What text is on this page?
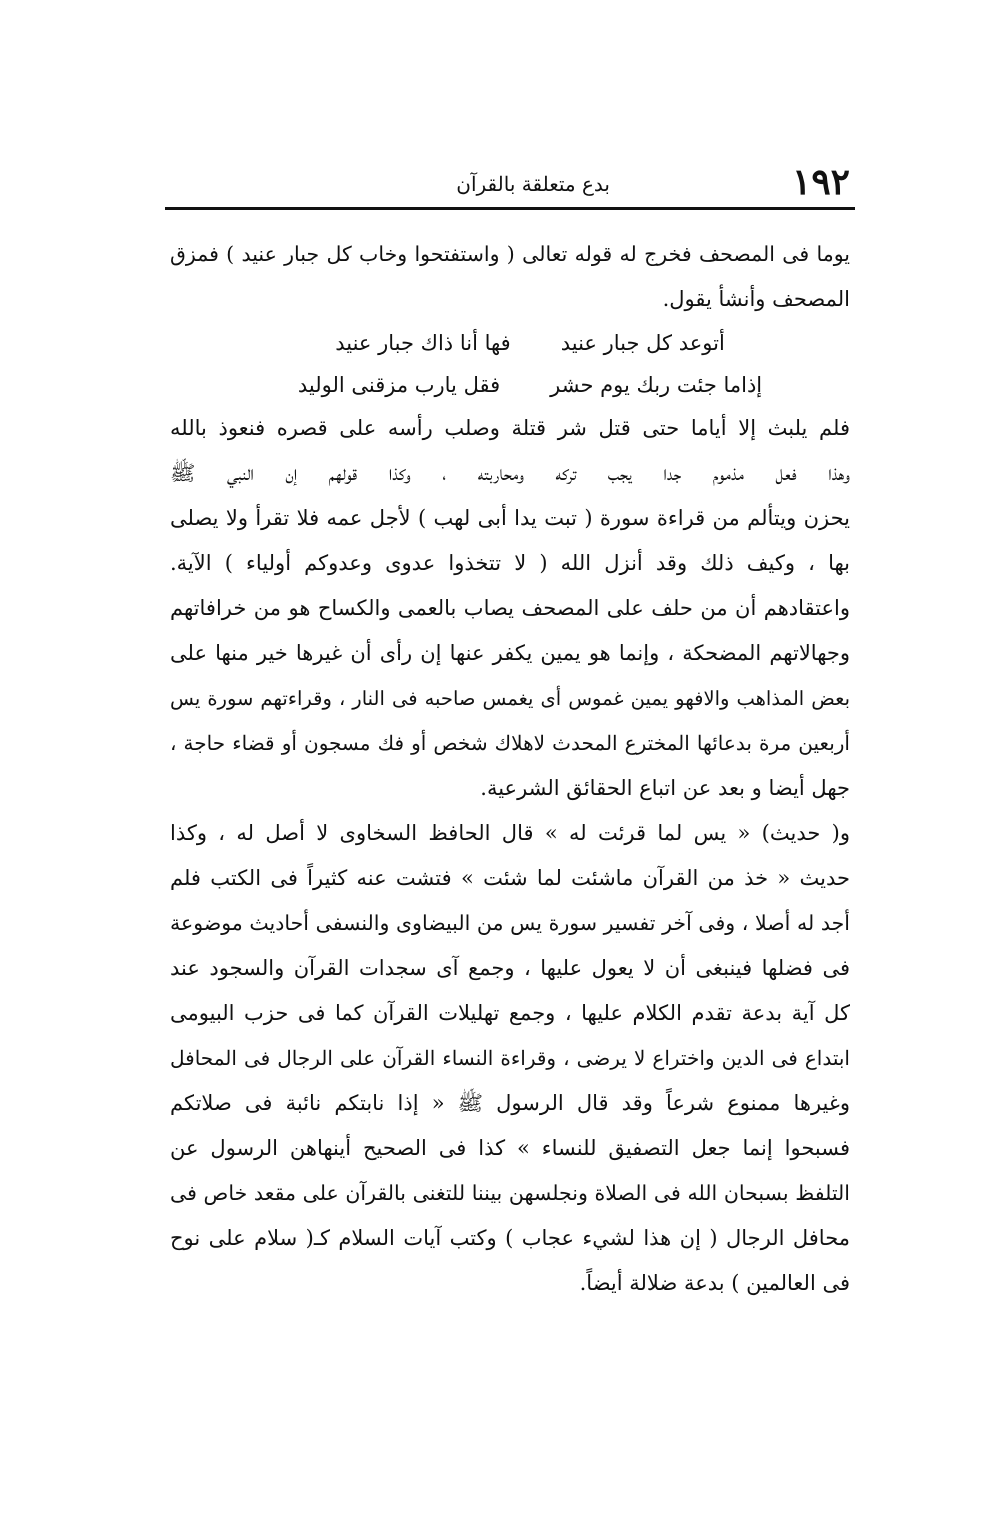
١٩٢
بدع متعلقة بالقرآن
يوما فى المصحف فخرج له قوله تعالى ( واستفتحوا وخاب كل جبار عنيد ) فمزق
المصحف وأنشأ يقول.
أتوعد كل جبار عنيد
فها أنا ذاك جبار عنيد
إذاما جئت ربك يوم حشر
فقل يارب مزقنى الوليد
فلم يلبث إلا أياما حتى قتل شر قتلة وصلب رأسه على قصره فنعوذ بالله
وهذا فعل مذموم جدا يجب تركه ومحاربته ، وكذا قولهم إن النبي ﷺ
يحزن ويتألم من قراءة سورة ( تبت يدا أبى لهب ) لأجل عمه فلا تقرأ ولا يصلى
بها ، وكيف ذلك وقد أنزل الله ( لا تتخذوا عدوى وعدوكم أولياء ) الآية.
واعتقادهم أن من حلف على المصحف يصاب بالعمى والكساح هو من خرافاتهم
وجهالاتهم المضحكة ، وإنما هو يمين يكفر عنها إن رأى أن غيرها خير منها على
بعض المذاهب والافهو يمين غموس أى يغمس صاحبه فى النار ، وقراءتهم سورة يس
أربعين مرة بدعائها المخترع المحدث لاهلاك شخص أو فك مسجون أو قضاء حاجة ،
جهل أيضا و بعد عن اتباع الحقائق الشرعية.
و( حديث) « يس لما قرئت له » قال الحافظ السخاوى لا أصل له ، وكذا
حديث « خذ من القرآن ماشئت لما شئت » فتشت عنه كثيراً فى الكتب فلم
أجد له أصلا ، وفى آخر تفسير سورة يس من البيضاوى والنسفى أحاديث موضوعة
فى فضلها فينبغى أن لا يعول عليها ، وجمع آى سجدات القرآن والسجود عند
كل آية بدعة تقدم الكلام عليها ، وجمع تهليلات القرآن كما فى حزب البيومى
ابتداع فى الدين واختراع لا يرضى ، وقراءة النساء القرآن على الرجال فى المحافل
وغيرها ممنوع شرعاً وقد قال الرسول ﷺ « إذا نابتكم نائبة فى صلاتكم
فسبحوا إنما جعل التصفيق للنساء » كذا فى الصحيح أينهاهن الرسول عن
التلفظ بسبحان الله فى الصلاة ونجلسهن بيننا للتغنى بالقرآن على مقعد خاص فى
محافل الرجال ( إن هذا لشيء عجاب ) وكتب آيات السلام كـ( سلام على نوح
فى العالمين ) بدعة ضلالة أيضاً.
